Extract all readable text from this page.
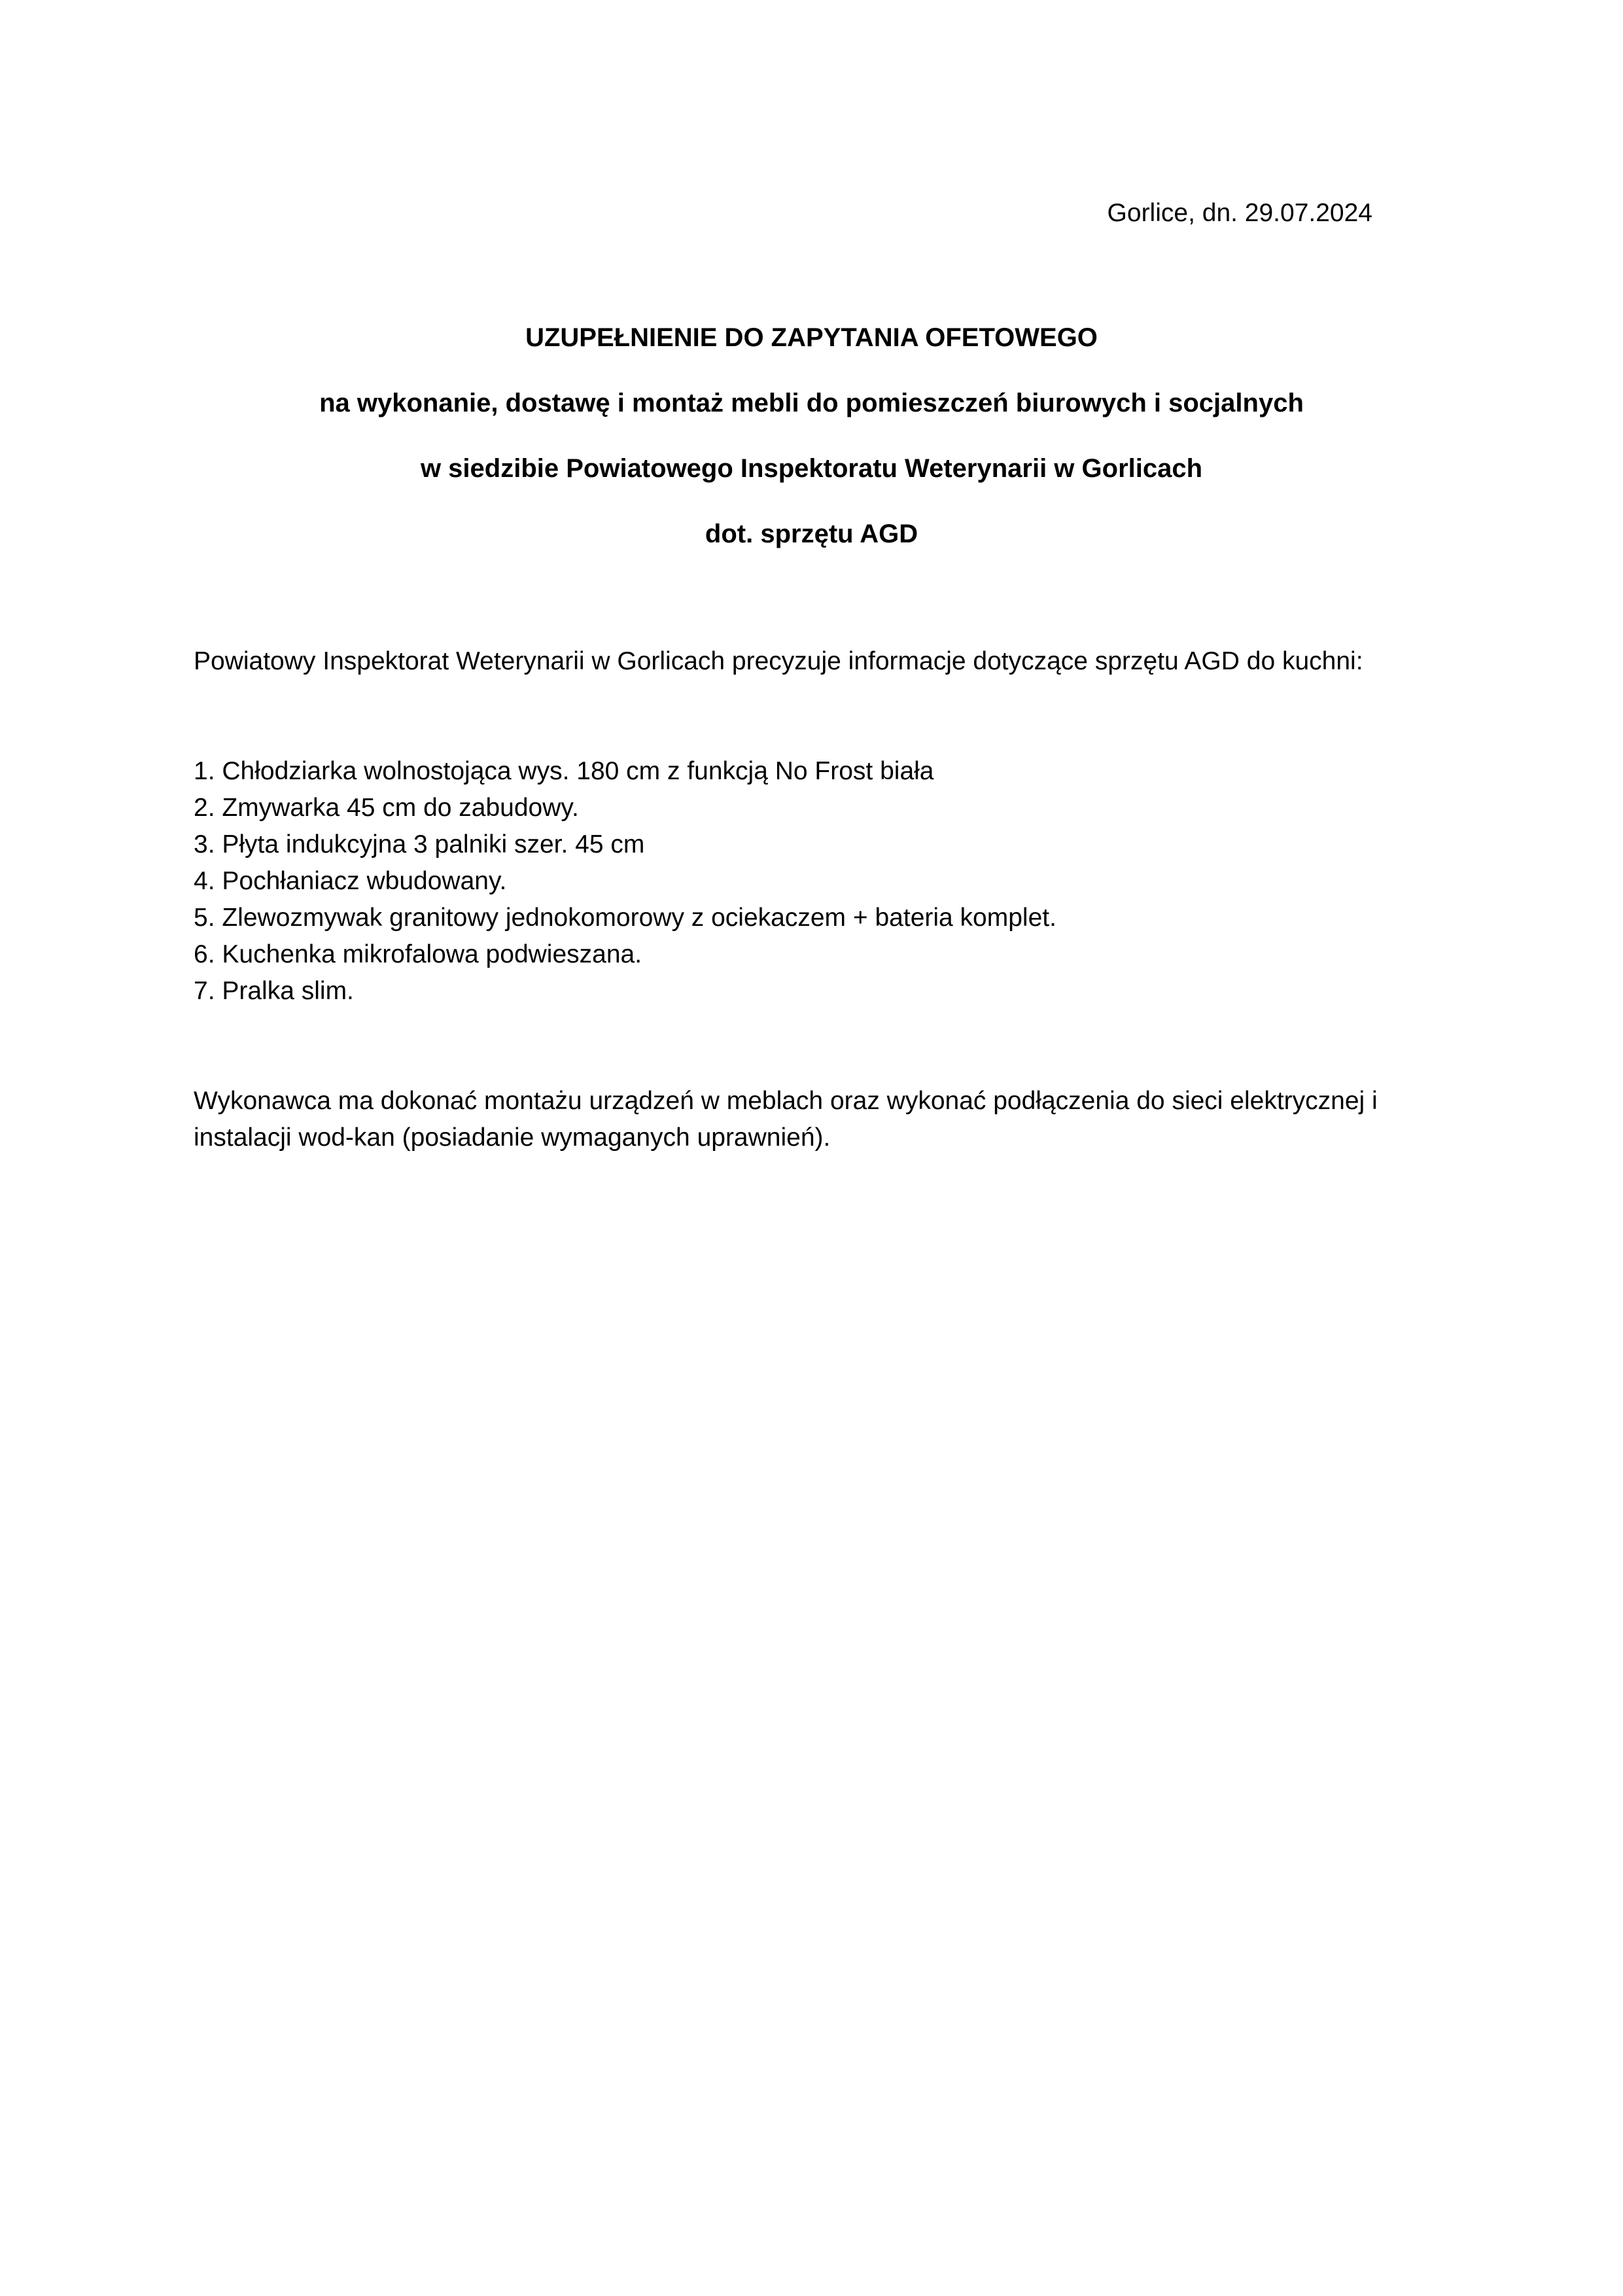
Gorlice, dn. 29.07.2024
UZUPEŁNIENIE DO ZAPYTANIA OFETOWEGO
na wykonanie, dostawę i montaż mebli do pomieszczeń biurowych i socjalnych
w siedzibie Powiatowego Inspektoratu Weterynarii w Gorlicach
dot. sprzętu AGD
Powiatowy Inspektorat Weterynarii w Gorlicach precyzuje informacje dotyczące sprzętu AGD do kuchni:
1. Chłodziarka wolnostojąca wys. 180 cm z funkcją No Frost biała
2. Zmywarka 45 cm do zabudowy.
3. Płyta indukcyjna 3 palniki szer. 45 cm
4. Pochłaniacz wbudowany.
5. Zlewozmywak granitowy jednokomorowy z ociekaczem + bateria komplet.
6. Kuchenka mikrofalowa podwieszana.
7. Pralka slim.
Wykonawca ma dokonać montażu urządzeń w meblach oraz wykonać podłączenia do sieci elektrycznej i instalacji wod-kan (posiadanie wymaganych uprawnień).
